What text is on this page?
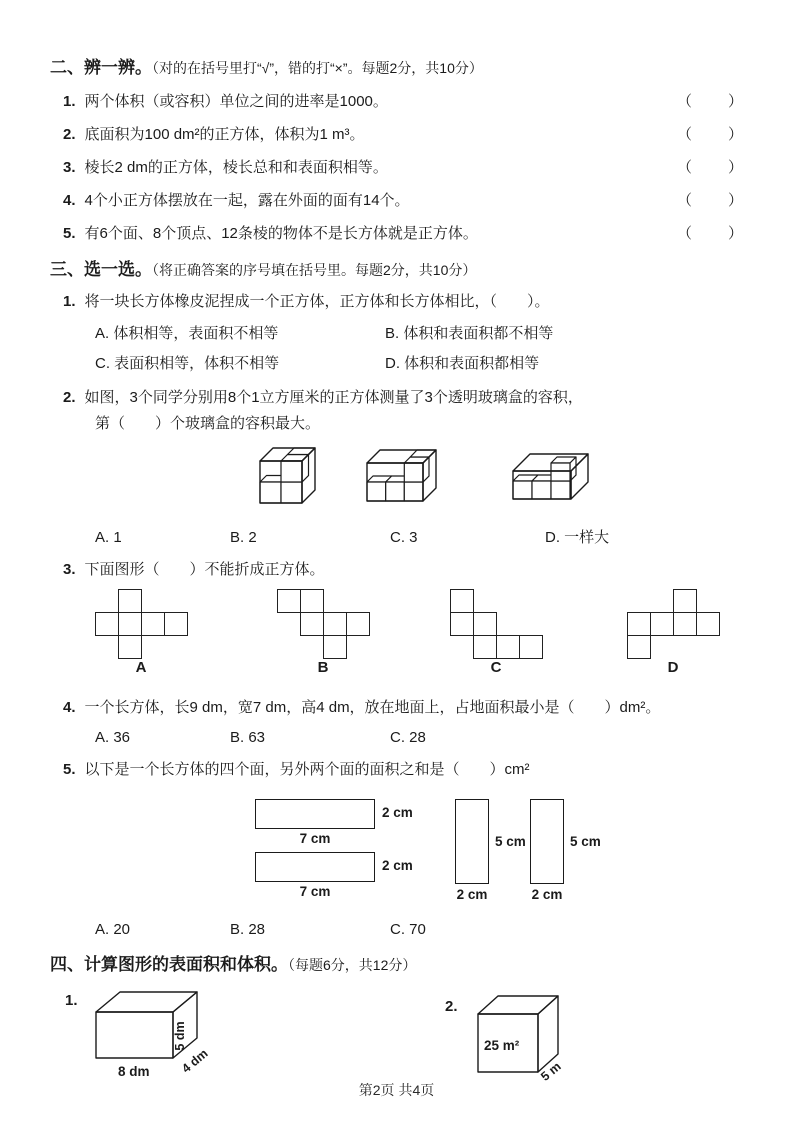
二、辨一辨。（对的在括号里打“√”，错的打“×”。每题2分，共10分）
1. 两个体积（或容积）单位之间的进率是1000。	（　　）
2. 底面积为100 dm²的正方体，体积为1 m³。	（　　）
3. 棱长2 dm的正方体，棱长总和和表面积相等。	（　　）
4. 4个小正方体摆放在一起，露在外面的面有14个。	（　　）
5. 有6个面、8个顶点、12条棱的物体不是长方体就是正方体。	（　　）
三、选一选。（将正确答案的序号填在括号里。每题2分，共10分）
1. 将一块长方体橡皮泥捏成一个正方体，正方体和长方体相比，（　　）。
A. 体积相等，表面积不相等	B. 体积和表面积都不相等
C. 表面积相等，体积不相等	D. 体积和表面积都相等
2. 如图，3个同学分别用8个1立方厘米的正方体测量了3个透明玻璃盒的容积，
第（　　）个玻璃盒的容积最大。
A. 1	B. 2	C. 3	D. 一样大
3. 下面图形（　　）不能折成正方体。
A	B	C	D
4. 一个长方体，长9 dm，宽7 dm，高4 dm，放在地面上，占地面积最小是（　　）dm²。
A. 36	B. 63	C. 28
5. 以下是一个长方体的四个面，另外两个面的面积之和是（　　）cm²
2 cm
7 cm
2 cm
7 cm
5 cm
2 cm
5 cm
2 cm
A. 20	B. 28	C. 70
四、计算图形的表面积和体积。（每题6分，共12分）
1.
8 dm
5 dm
4 dm
2.
25 m²
5 m
第2页 共4页
